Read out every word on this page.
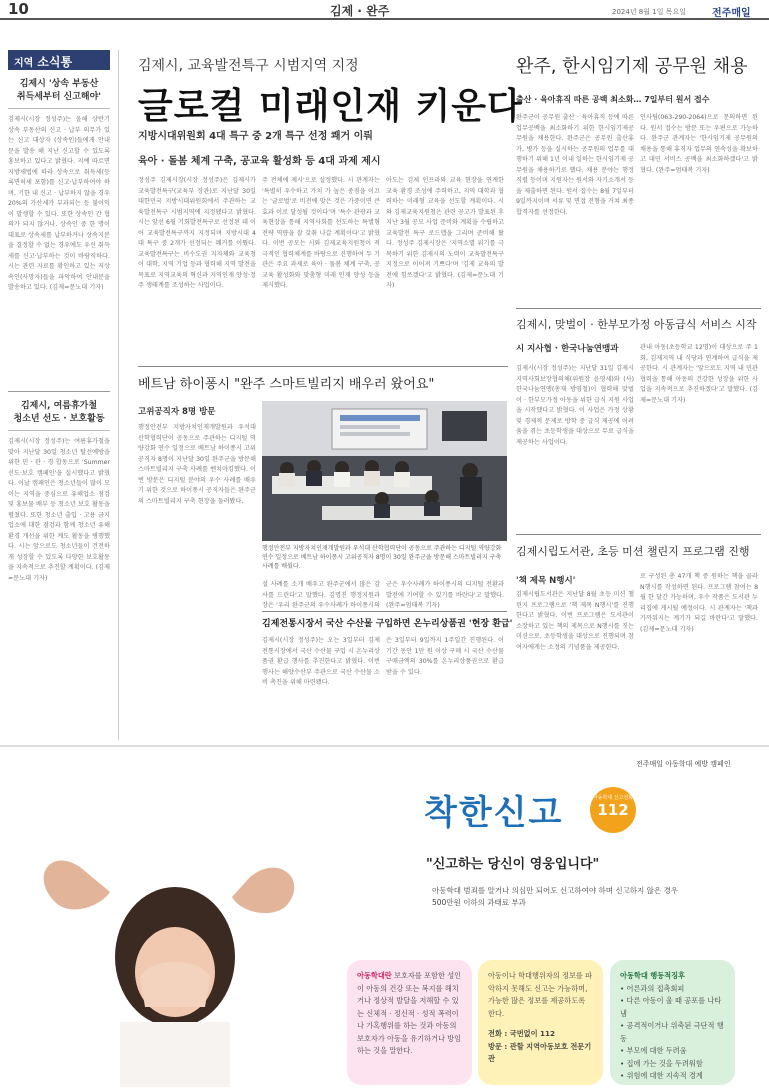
10	김제 · 완주	2024년 8월 1일 목요일	전주매일
지역 소식통
김제시 '상속 부동산
취득세부터 신고해야'
김제시(시장 정성주)는 올해 상반기 상속 부동산의 신고 · 납부 의무가 있는 신고 대상자 (상속인)들에게 안내문을 발송 해 지난 신고할 수 있도록 홍보하고 있다고 밝혔다. 지예 따르면 지방세법에 따라 상속으로 취득세(등록면허세 포함)를 신고·납부하여야 하며, 기한 내 신고 · 납부하지 않을 경우 20%의 가산세가 부과되는 등 불이익이 발생할 수 있다. 또한 상속인 간 협의가 되지 않거나, 상속인 중 한 명이 대표로 상속세를 납부하거나 상속지분을 결정할 수 없는 경우에도 우선 취득세를 신고·납부하는 것이 바람직하다. 시는 관련 자료를 확인하고 있는 저상속인(사망자)들을 파악하여 안내문을 발송하고 있다. (김제=문노대 기자)
김제시, 여름휴가철
청소년 선도 · 보호활동
김제시(시장 정성주)는 여름휴가철을 맞아 지난달 30일 청소년 탈선예방을 위한 민 · 관 · 경 합동으로 'Summer 선도·보호 캠페인'을 실시했다고 밝혔다. 이날 캠페인은 청소년들이 많이 모이는 지역을 중심으로 유해업소 점검 및 홍보물 배부 등 청소년 보호 활동을 펼쳤다. 또한 청소년 출입 · 고용 금지 업소에 대한 점검과 함께 청소년 유해 환경 개선을 위한 계도 활동을 병행했다. 시는 앞으로도 청소년들이 건전하게 성장할 수 있도록 다양한 보호활동을 지속적으로 추진할 계획이다. (김제=문노대 기자)
김제시, 교육발전특구 시범지역 지정
글로컬 미래인재 키운다
지방시대위원회 4대 특구 중 2개 특구 선정 쾌거 이뤄
육아 · 돌봄 체계 구축, 공교육 활성화 등 4대 과제 제시
정성주 김제시장(시장 정성주)은 김제시가 교육발전특구(교육부 장관)로 지난달 30일 대한민국 지방시대위원회에서 주관하는 교육발전특구 시범지역에 지정됐다고 밝혔다. 시는 앞선 6월 기회발전특구로 선정된 데 이어 교육발전특구까지 지정되며 지방시대 4대 특구 중 2개가 선정되는 쾌거를 이뤘다. 교육발전특구는 비수도권 지자체와 교육청이 대학, 지역 기업 등과 협력해 지역 발전을 목표로 지역교육의 혁신과 지역인재 양성·정주 생태계를 조성하는 사업이다.
주 전체에 제시'으로 설정했다. 시 관계자는 '특별히 우수하고 가치 가 높은 중점을 이끄는 '글로벌'로 비전에 맞은 것은 가중이면 큰 효과 이로 달성될 것이다'며 '특수 관광과 교육현장을 통해 지역사회를 선도하는 특별형 전략 역량을 잘 갖춰 나갈 계획이다'고 밝혔다. 이번 공모는 시와 김제교육지원청이 적극적인 협력체계를 바탕으로 진행하여 두 기관은 주요 과제로 육아 · 돌봄 체계 구축, 공교육 활성화와 맞춤형 미래 인재 양성 등을 제시했다.
아도는 김제 인프라와 교육 현장을 연계한 교육 환경 조성에 주력하고, 지역 대학과 협력하는 미래형 교육을 선도할 계획이다. 시와 김제교육지원청은 관련 공고가 발표된 후 지난 3월 공모 사업 준비와 계획을 수립하고 교육발전 특구 로드맵을 그리며 준비해 왔다. 정성주 김제시장은 '지역소멸 위기를 극복하기 위한 김제시의 노력이 교육발전특구 지정으로 이어져 기쁘다'며 '김제 교육의 발전에 힘쓰겠다'고 밝혔다. (김제=문노대 기자)
완주, 한시임기제 공무원 채용
출산 · 육아휴직 따른 공백 최소화… 7일부터 원서 접수
완주군이 공무원 출산 · 육아휴직 등에 따른 업무공백을 최소화하기 위한 한시임기제공무원을 채용한다. 완주군은 공무원 출산휴가, 병가 등을 실시하는 공무원의 업무를 대행하기 위해 1년 이내 일하는 한시임기제 공무원을 채용하기로 했다. 채용 분야는 행정 직렬 등이며 지원자는 원서와 자기소개서 등을 제출하면 된다. 원서 접수는 8월 7일부터 9일까지이며 서류 및 면접 전형을 거쳐 최종 합격자를 선정한다.
인사팀(063-290-2064)으로 문의하면 된다. 원서 접수는 방문 또는 우편으로 가능하다. 완주군 관계자는 '한시임기제 공무원의 채용을 통해 휴직자 업무의 연속성을 확보하고 대민 서비스 공백을 최소화하겠다'고 밝혔다. (완주=엄태복 기자)
김제시, 맞벌이 · 한부모가정 아동급식 서비스 시작
시 지사협 · 한국나눔연맹과
김제시(시장 정성주)는 지난달 31일 김제시지역사회보장협의체(위원장 윤영세)와 (사)한국나눔연맹(총재 방영철)이 협력해 맞벌이 · 한부모가정 아동을 위한 급식 지원 사업을 시작했다고 밝혔다. 이 사업은 가정 상황 및 경제적 문제로 방학 중 급식 제공에 어려움을 겪는 초등학생을 대상으로 무료 급식을 제공하는 사업이다.
관내 아동(초등학교 12명)이 대상으로 주 1회, 김제지역 내 식당과 연계하여 급식을 제공한다. 시 관계자는 '앞으로도 지역 내 민관 협력을 통해 아동의 건강한 성장을 위한 사업을 지속적으로 추진하겠다'고 말했다. (김제=문노대 기자)
김제시립도서관, 초등 미션 챌린지 프로그램 진행
'책 제목 N행시'
김제시립도서관은 지난달 8월 초등 미션 챌린지 프로그램으로 '책 제목 N행시'를 진행한다고 밝혔다. 이번 프로그램은 도서관이 소장하고 있는 책의 제목으로 N행시를 짓는 미션으로, 초등학생을 대상으로 진행되며 참여자에게는 소정의 기념품을 제공한다.
로 구성된 총 47개 책 중 원하는 책을 골라 N행시를 작성하면 된다. 프로그램 참여는 8월 한 달간 가능하며, 우수 작품은 도서관 누리집에 게시될 예정이다. 시 관계자는 '책과 가까워지는 계기가 되길 바란다'고 말했다. (김제=문노대 기자)
베트남 하이퐁시 "완주 스마트빌리지 배우러 왔어요"
고위공직자 8명 방문
행정안전부 지방자치인재개발원과 우석대 산학협력단이 공동으로 주관하는 디지털 역량강화 연수 일정으로 베트남 하이퐁시 고위공직자 8명이 지난달 30일 완주군을 방문해 스마트빌리지 구축 사례를 벤치마킹했다. 이번 방문은 디지털 분야의 우수 사례를 배우기 위한 것으로 하이퐁시 공직자들은 완주군의 스마트빌리지 구축 현장을 둘러봤다.
행정안전부 지방자치인재개발원과 우석대 산학협력단이 공동으로 주관하는 디지털 역량강화 연수 일정으로 베트남 하이퐁시 고위공직자 8명이 30일 완주군을 방문해 스마트빌리지 구축 사례를 배웠다.
설 사례를 소개 배우고 완주군에서 많은 감사를 드린다'고 말했다. 김명진 행정지원과장은 '우리 완주군의 우수사례가 하이퐁시의
군은 우수사례가 하이퐁시의 디지털 전환과 발전에 기여할 수 있기를 바란다'고 말했다. (완주=엄태복 기자)
김제전통시장서 국산 수산물 구입하면 온누리상품권 '현장 환급'
김제시(시장 정성주)는 오는 3일부터 김제전통시장에서 국산 수산물 구입 시 온누리상품권 환급 행사를 추진한다고 밝혔다. 이번 행사는 해양수산부 주관으로 국산 수산물 소비 촉진을 위해 마련됐다.
은 3일부터 9일까지 1주일간 진행된다. 이 기간 동안 1만 원 이상 구매 시 국산 수산물 구매금액의 30%를 온누리상품권으로 환급받을 수 있다.
전주매일 아동학대 예방 캠페인
착한신고	아동학대 신고전화
112
"신고하는 당신이 영웅입니다"
아동학대 범죄를 알거나 의심만 되어도 신고하여야 하며 신고하지 않은 경우 500만원 이하의 과태료 부과
아동학대란 보호자를 포함한 성인이 아동의 건강 또는 복지를 해치거나 정상적 발달을 저해할 수 있는 신체적 · 정신적 · 성적 폭력이나 가혹행위를 하는 것과 아동의 보호자가 아동을 유기하거나 방임하는 것을 말한다.
아동이나 학대행위자의 정보를 파악하지 못해도 신고는 가능하며, 가능한 많은 정보를 제공하도록 한다.
전화 : 국번없이 112
방문 : 관할 지역아동보호 전문기관
아동학대 행동적징후
• 어른과의 접촉회피
• 다른 아동이 울 때 공포를 나타냄
• 공격적이거나 위축된 극단적 행동
• 부모에 대한 두려움
• 집에 가는 것을 두려워함
• 위험에 대한 지속적 경계
